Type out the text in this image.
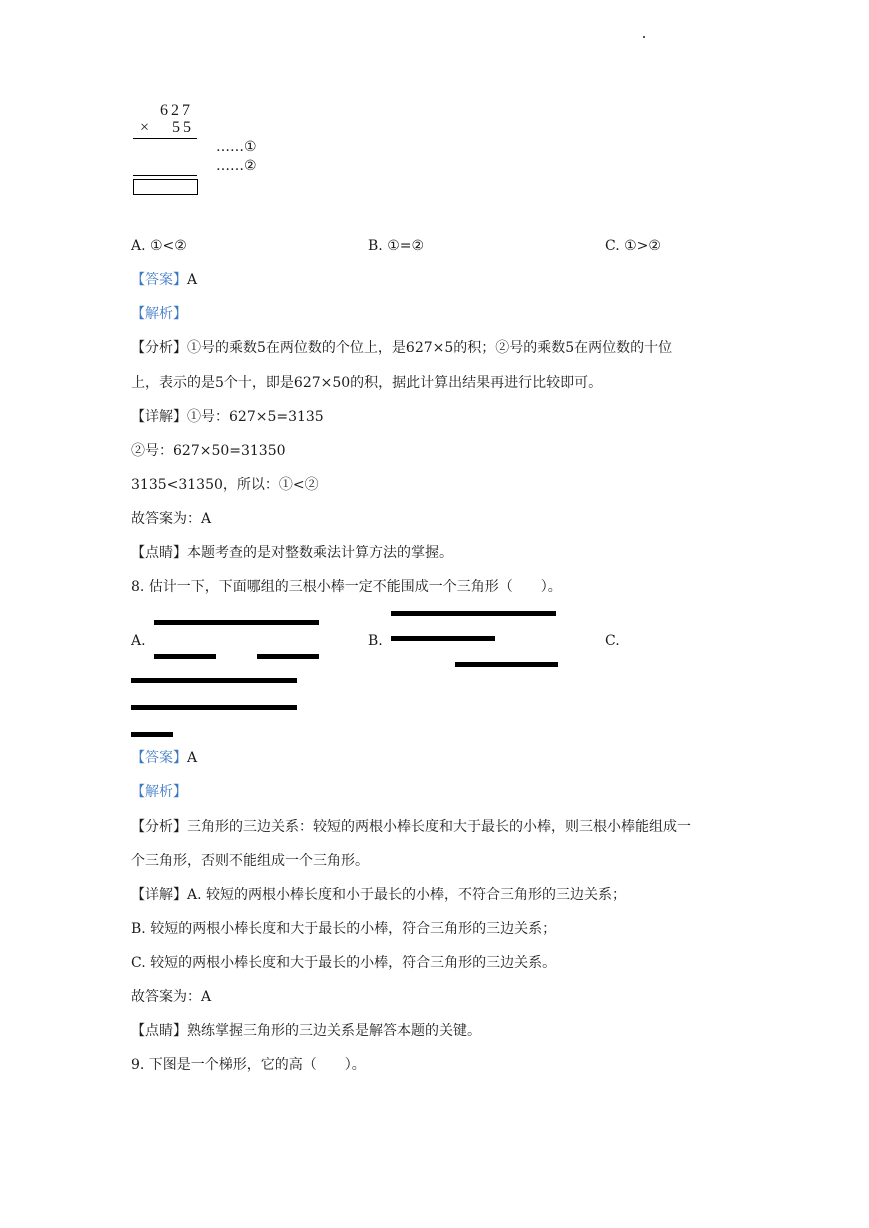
627
× 55
……①
……②
A. ①<②	B. ①=②	C. ①>②
【答案】A
【解析】
【分析】①号的乘数5在两位数的个位上，是627×5的积；②号的乘数5在两位数的十位
上，表示的是5个十，即是627×50的积，据此计算出结果再进行比较即可。
【详解】①号：627×5=3135
②号：627×50=31350
3135<31350，所以：①<②
故答案为：A
【点睛】本题考查的是对整数乘法计算方法的掌握。
8. 估计一下，下面哪组的三根小棒一定不能围成一个三角形（　　）。
A.	B.	C.
【答案】A
【解析】
【分析】三角形的三边关系：较短的两根小棒长度和大于最长的小棒，则三根小棒能组成一
个三角形，否则不能组成一个三角形。
【详解】A. 较短的两根小棒长度和小于最长的小棒，不符合三角形的三边关系；
B. 较短的两根小棒长度和大于最长的小棒，符合三角形的三边关系；
C. 较短的两根小棒长度和大于最长的小棒，符合三角形的三边关系。
故答案为：A
【点睛】熟练掌握三角形的三边关系是解答本题的关键。
9. 下图是一个梯形，它的高（　　）。
